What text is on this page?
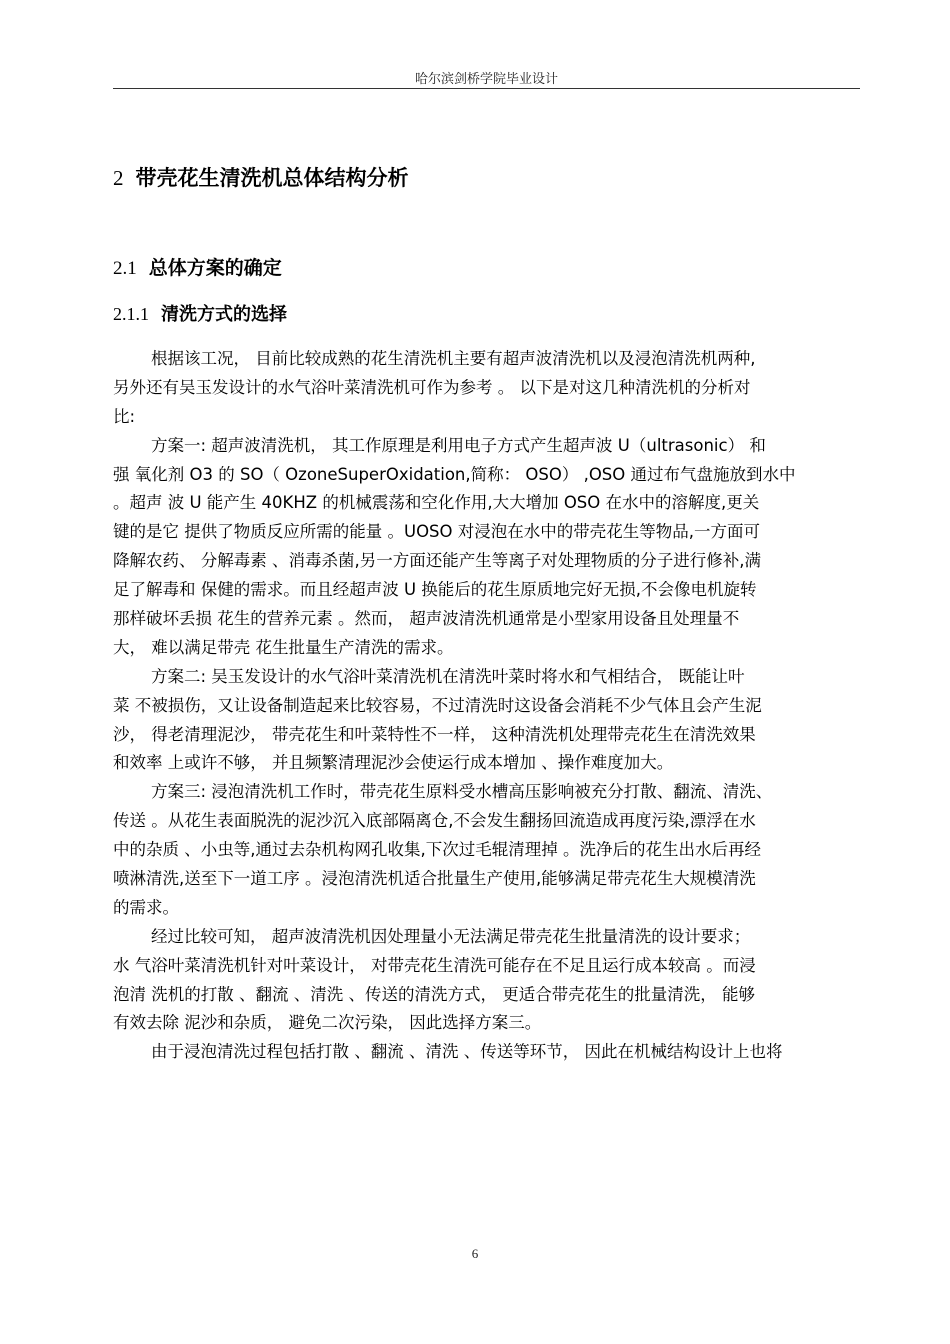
哈尔滨剑桥学院毕业设计
2 带壳花生清洗机总体结构分析
2.1 总体方案的确定
2.1.1 清洗方式的选择
根据该工况， 目前比较成熟的花生清洗机主要有超声波清洗机以及浸泡清洗机两种,
另外还有吴玉发设计的水气浴叶菜清洗机可作为参考 。 以下是对这几种清洗机的分析对
比:
方案一: 超声波清洗机， 其工作原理是利用电子方式产生超声波 U（ultrasonic） 和
强 氧化剂 O3 的 SO（ OzoneSuperOxidation,简称： OSO） ,OSO 通过布气盘施放到水中
。超声 波 U 能产生 40KHZ 的机械震荡和空化作用,大大增加 OSO 在水中的溶解度,更关
键的是它 提供了物质反应所需的能量 。UOSO 对浸泡在水中的带壳花生等物品,一方面可
降解农药、 分解毒素 、消毒杀菌,另一方面还能产生等离子对处理物质的分子进行修补,满
足了解毒和 保健的需求。而且经超声波 U 换能后的花生原质地完好无损,不会像电机旋转
那样破坏丢损 花生的营养元素 。然而， 超声波清洗机通常是小型家用设备且处理量不
大， 难以满足带壳 花生批量生产清洗的需求。
方案二: 吴玉发设计的水气浴叶菜清洗机在清洗叶菜时将水和气相结合， 既能让叶
菜 不被损伤，又让设备制造起来比较容易，不过清洗时这设备会消耗不少气体且会产生泥
沙， 得老清理泥沙， 带壳花生和叶菜特性不一样， 这种清洗机处理带壳花生在清洗效果
和效率 上或许不够， 并且频繁清理泥沙会使运行成本增加 、操作难度加大。
方案三: 浸泡清洗机工作时，带壳花生原料受水槽高压影响被充分打散、翻流、清洗、
传送 。从花生表面脱洗的泥沙沉入底部隔离仓,不会发生翻扬回流造成再度污染,漂浮在水
中的杂质 、小虫等,通过去杂机构网孔收集,下次过毛辊清理掉 。洗净后的花生出水后再经
喷淋清洗,送至下一道工序 。浸泡清洗机适合批量生产使用,能够满足带壳花生大规模清洗
的需求。
经过比较可知， 超声波清洗机因处理量小无法满足带壳花生批量清洗的设计要求；
水 气浴叶菜清洗机针对叶菜设计， 对带壳花生清洗可能存在不足且运行成本较高 。而浸
泡清 洗机的打散 、翻流 、清洗 、传送的清洗方式， 更适合带壳花生的批量清洗， 能够
有效去除 泥沙和杂质， 避免二次污染， 因此选择方案三。
由于浸泡清洗过程包括打散 、翻流 、清洗 、传送等环节， 因此在机械结构设计上也将
6
